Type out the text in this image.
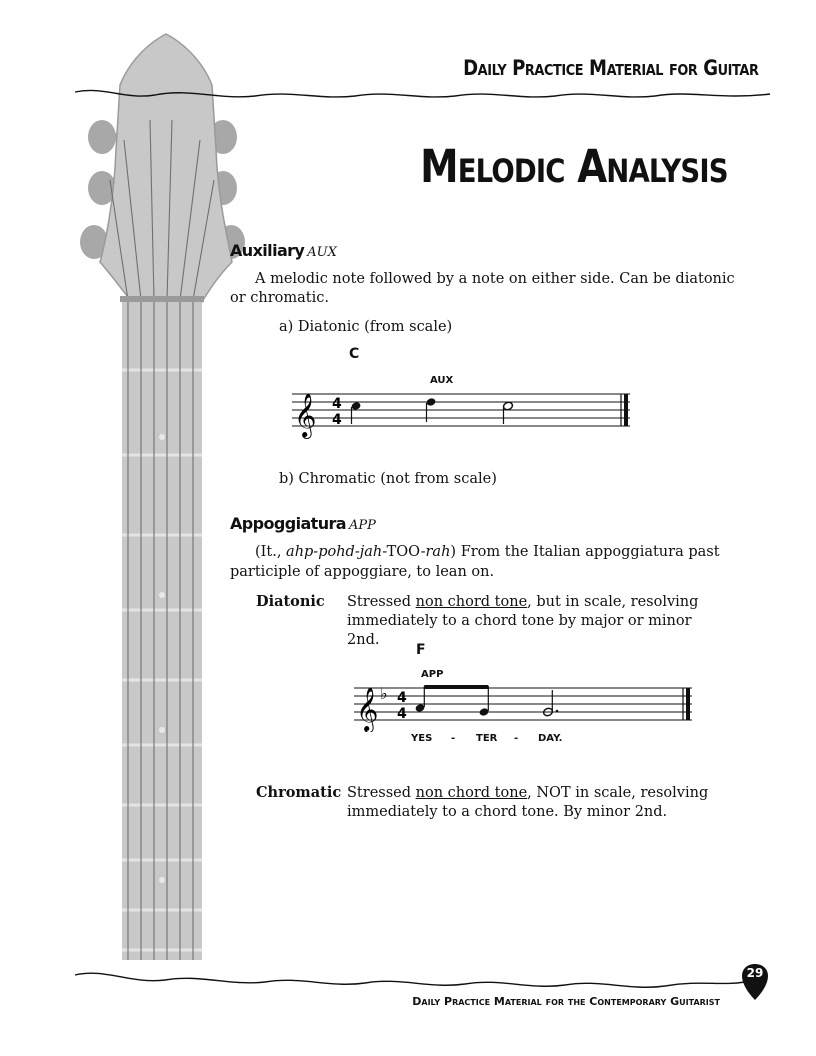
Daily Practice Material for Guitar
Melodic Analysis
Auxiliary AUX
A melodic note followed by a note on either side. Can be diatonic
or chromatic.
a) Diatonic (from scale)
C
AUX
𝄞 4
4
b) Chromatic (not from scale)
Appoggiatura APP
(It., ahp-pohd-jah-TOO-rah) From the Italian appoggiatura past
participle of appoggiare, to lean on.
Diatonic Stressed non chord tone, but in scale, resolving
immediately to a chord tone by major or minor 2nd.
F
APP
𝄞 ♭ 4
4
YES - TER - DAY.
Chromatic Stressed non chord tone, NOT in scale, resolving
immediately to a chord tone. By minor 2nd.
Daily Practice Material for the Contemporary Guitarist
29
